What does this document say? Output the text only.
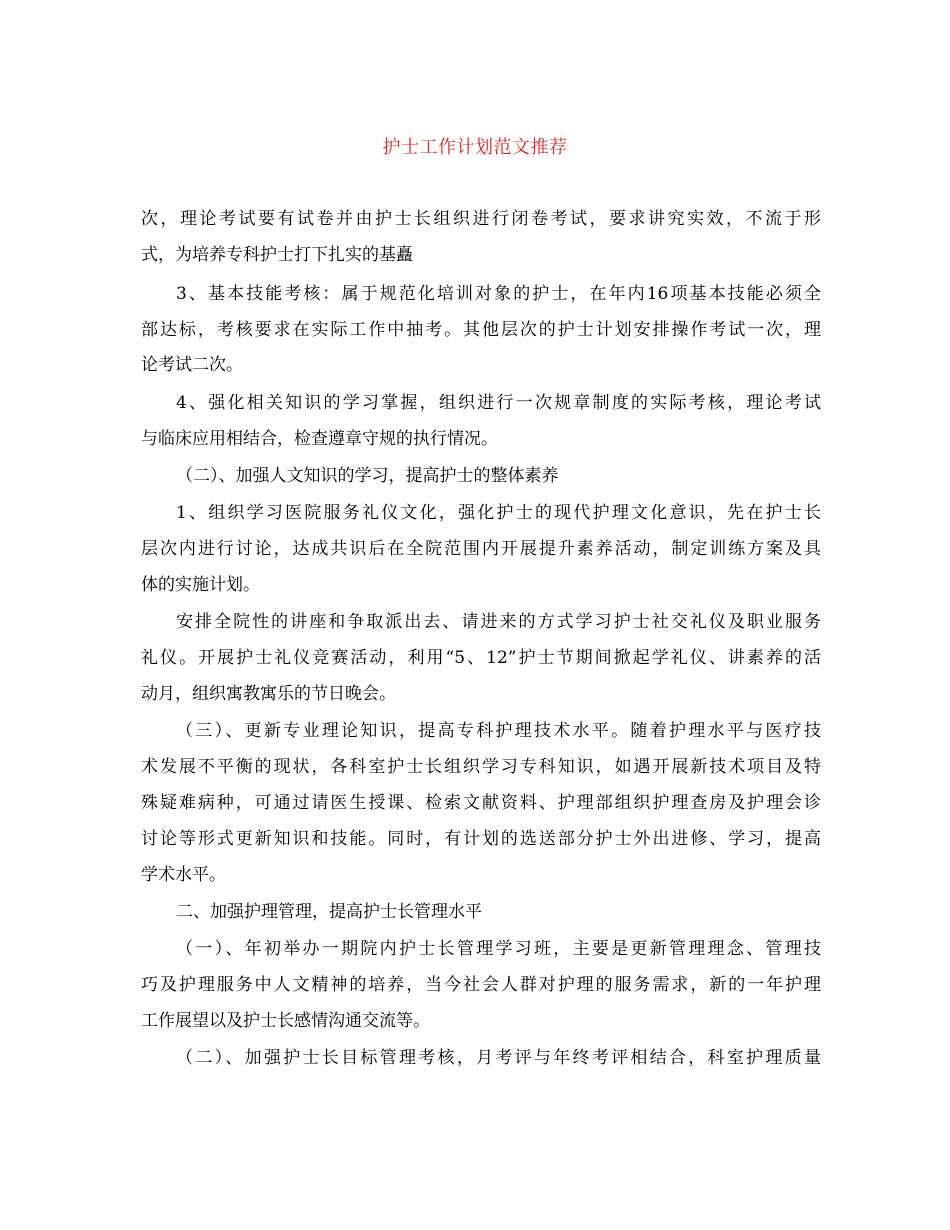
护士工作计划范文推荐
次，理论考试要有试卷并由护士长组织进行闭卷考试，要求讲究实效，不流于形
式，为培养专科护士打下扎实的基矗
3、基本技能考核：属于规范化培训对象的护士，在年内16项基本技能必须全
部达标，考核要求在实际工作中抽考。其他层次的护士计划安排操作考试一次，理
论考试二次。
4、强化相关知识的学习掌握，组织进行一次规章制度的实际考核，理论考试
与临床应用相结合，检查遵章守规的执行情况。
（二）、加强人文知识的学习，提高护士的整体素养
1、组织学习医院服务礼仪文化，强化护士的现代护理文化意识，先在护士长
层次内进行讨论，达成共识后在全院范围内开展提升素养活动，制定训练方案及具
体的实施计划。
安排全院性的讲座和争取派出去、请进来的方式学习护士社交礼仪及职业服务
礼仪。开展护士礼仪竞赛活动，利用“5、12”护士节期间掀起学礼仪、讲素养的活
动月，组织寓教寓乐的节日晚会。
（三）、更新专业理论知识，提高专科护理技术水平。随着护理水平与医疗技
术发展不平衡的现状，各科室护士长组织学习专科知识，如遇开展新技术项目及特
殊疑难病种，可通过请医生授课、检索文献资料、护理部组织护理查房及护理会诊
讨论等形式更新知识和技能。同时，有计划的选送部分护士外出进修、学习，提高
学术水平。
二、加强护理管理，提高护士长管理水平
（一）、年初举办一期院内护士长管理学习班，主要是更新管理理念、管理技
巧及护理服务中人文精神的培养，当今社会人群对护理的服务需求，新的一年护理
工作展望以及护士长感情沟通交流等。
（二）、加强护士长目标管理考核，月考评与年终考评相结合，科室护理质量
